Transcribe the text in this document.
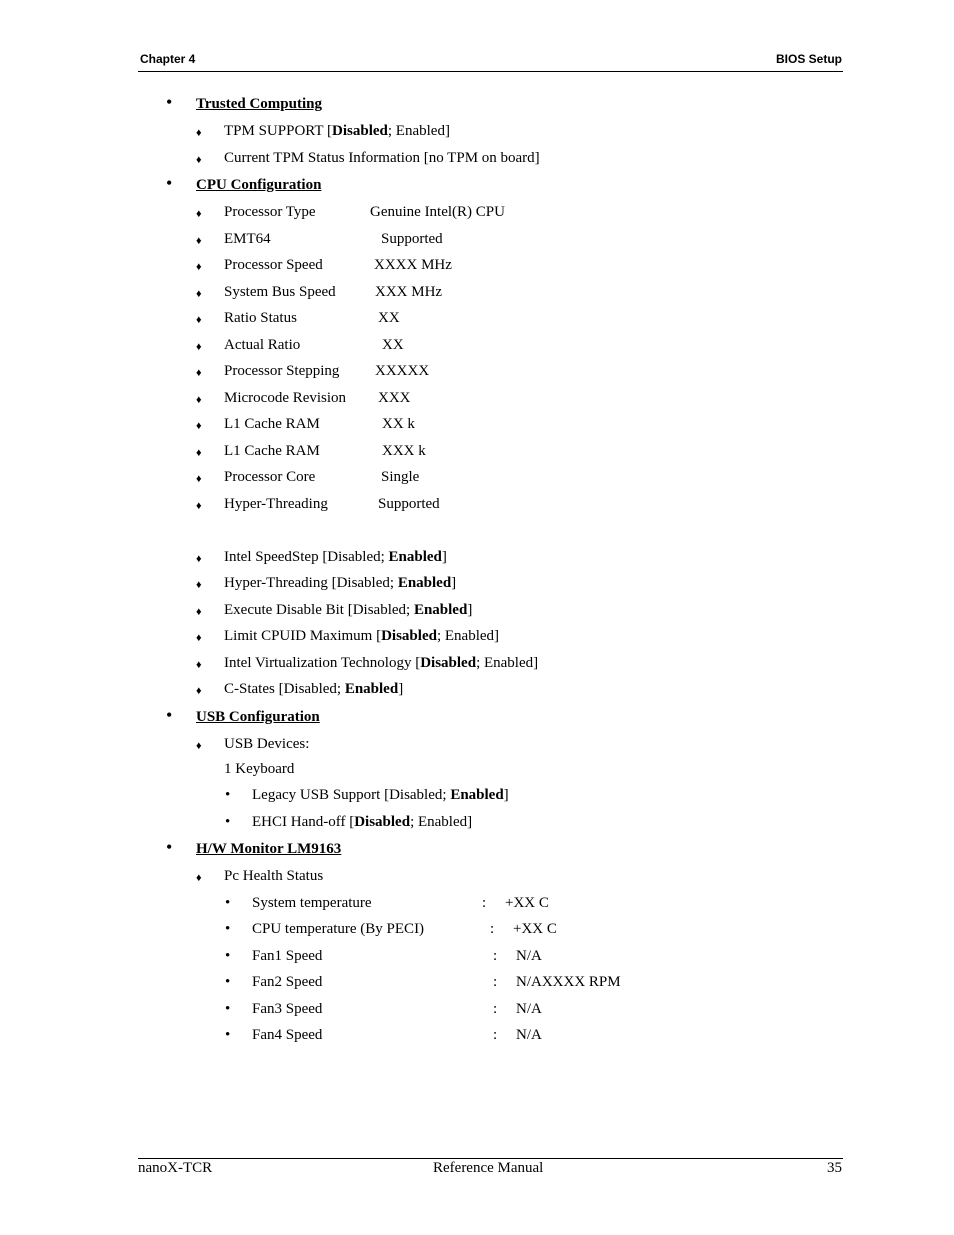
Chapter 4	BIOS Setup
• Trusted Computing
♦ TPM SUPPORT [Disabled; Enabled]
♦ Current TPM Status Information [no TPM on board]
• CPU Configuration
♦ Processor Type	Genuine Intel(R) CPU
♦ EMT64	Supported
♦ Processor Speed	XXXX MHz
♦ System Bus Speed	XXX MHz
♦ Ratio Status	XX
♦ Actual Ratio	XX
♦ Processor Stepping XXXXX
♦ Microcode Revision XXX
♦ L1 Cache RAM	XX k
♦ L1 Cache RAM	XXX k
♦ Processor Core	Single
♦ Hyper-Threading	Supported
♦ Intel SpeedStep [Disabled; Enabled]
♦ Hyper-Threading [Disabled; Enabled]
♦ Execute Disable Bit [Disabled; Enabled]
♦ Limit CPUID Maximum [Disabled; Enabled]
♦ Intel Virtualization Technology [Disabled; Enabled]
♦ C-States [Disabled; Enabled]
• USB Configuration
♦ USB Devices:
1 Keyboard
• Legacy USB Support [Disabled; Enabled]
• EHCI Hand-off [Disabled; Enabled]
• H/W Monitor LM9163
♦ Pc Health Status
• System temperature	: +XX C
• CPU temperature (By PECI)	: +XX C
• Fan1 Speed	: N/A
• Fan2 Speed	: N/AXXXX RPM
• Fan3 Speed	: N/A
• Fan4 Speed	: N/A
nanoX-TCR	Reference Manual	35
